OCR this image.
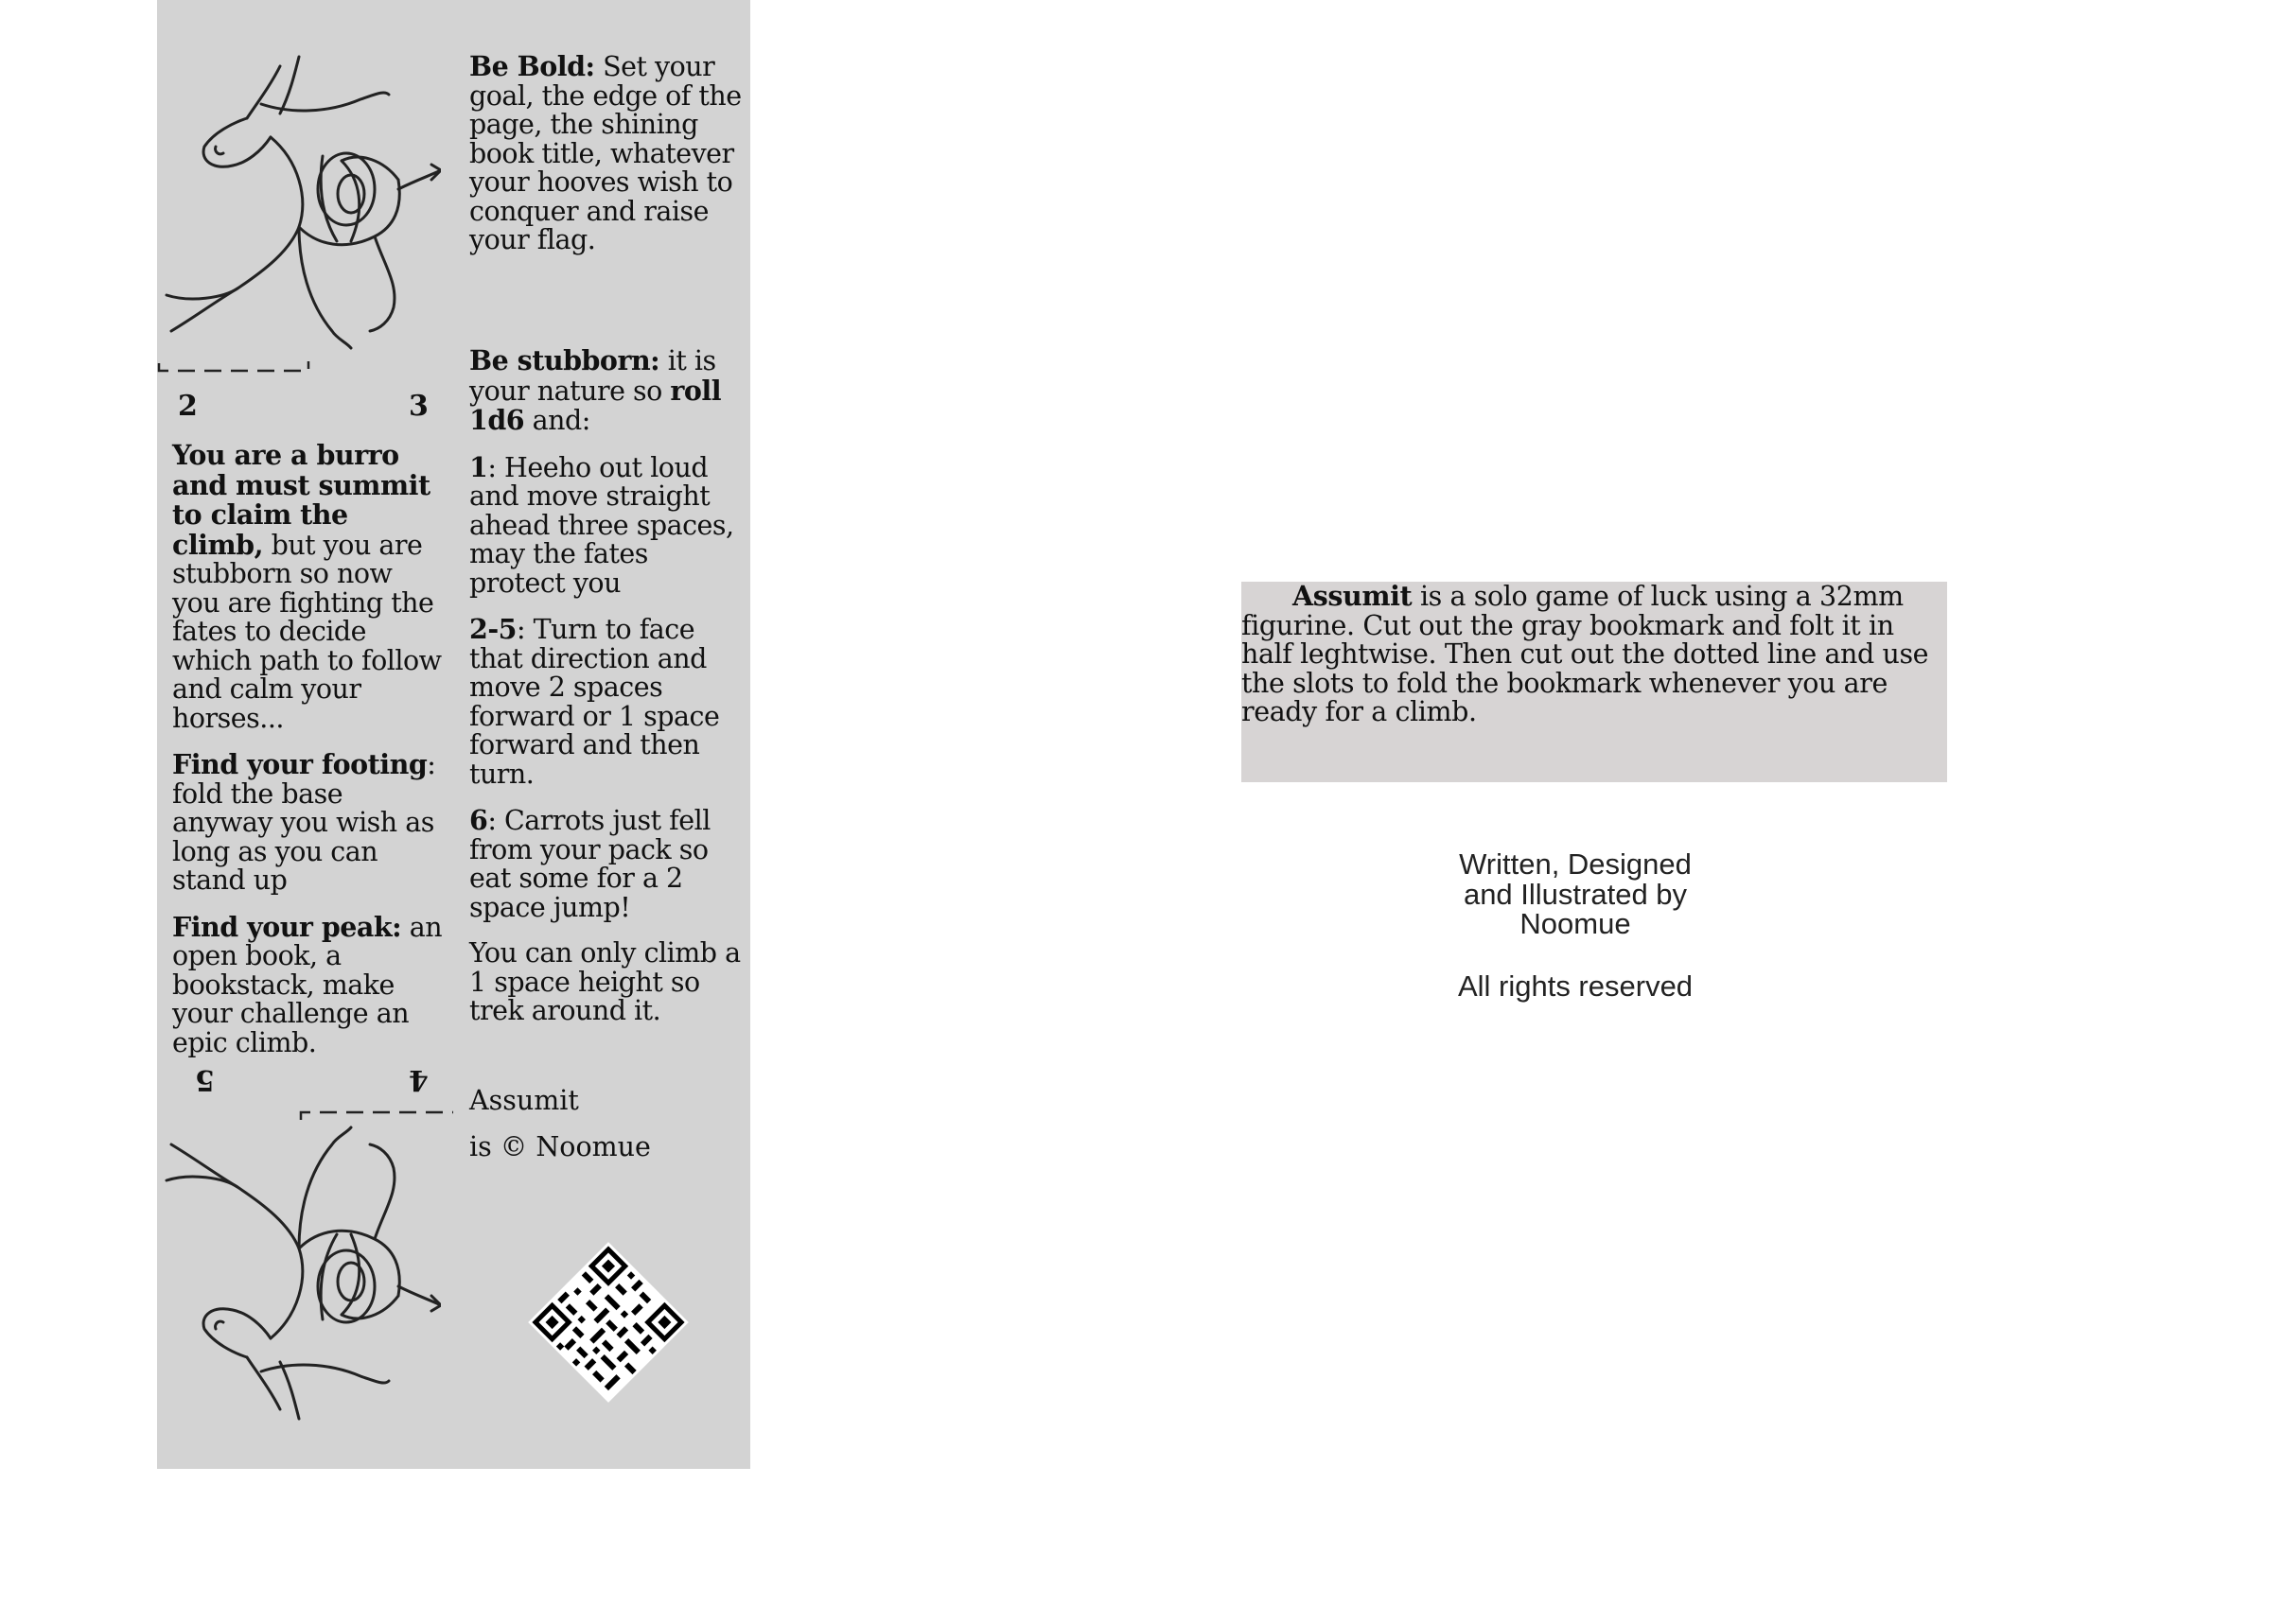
2	3

Be Bold: Set your goal, the edge of the page, the shining book title, whatever your hooves wish to conquer and raise your flag.

Be stubborn: it is your nature so roll 1d6 and:

1: Heeho out loud and move straight ahead three spaces, may the fates protect you

2-5: Turn to face that direction and move 2 spaces forward or 1 space forward and then turn.

6: Carrots just fell from your pack so eat some for a 2 space jump!

You can only climb a 1 space height so trek around it.

You are a burro and must summit to claim the climb, but you are stubborn so now you are fighting the fates to decide which path to follow and calm your horses...

Find your footing: fold the base anyway you wish as long as you can stand up

Find your peak: an open book, a bookstack, make your challenge an epic climb.

5	4
Assumit
is © Noomue

Assumit is a solo game of luck using a 32mm figurine. Cut out the gray bookmark and folt it in half leghtwise. Then cut out the dotted line and use the slots to fold the bookmark whenever you are ready for a climb.

Written, Designed
and Illustrated by
Noomue
All rights reserved
